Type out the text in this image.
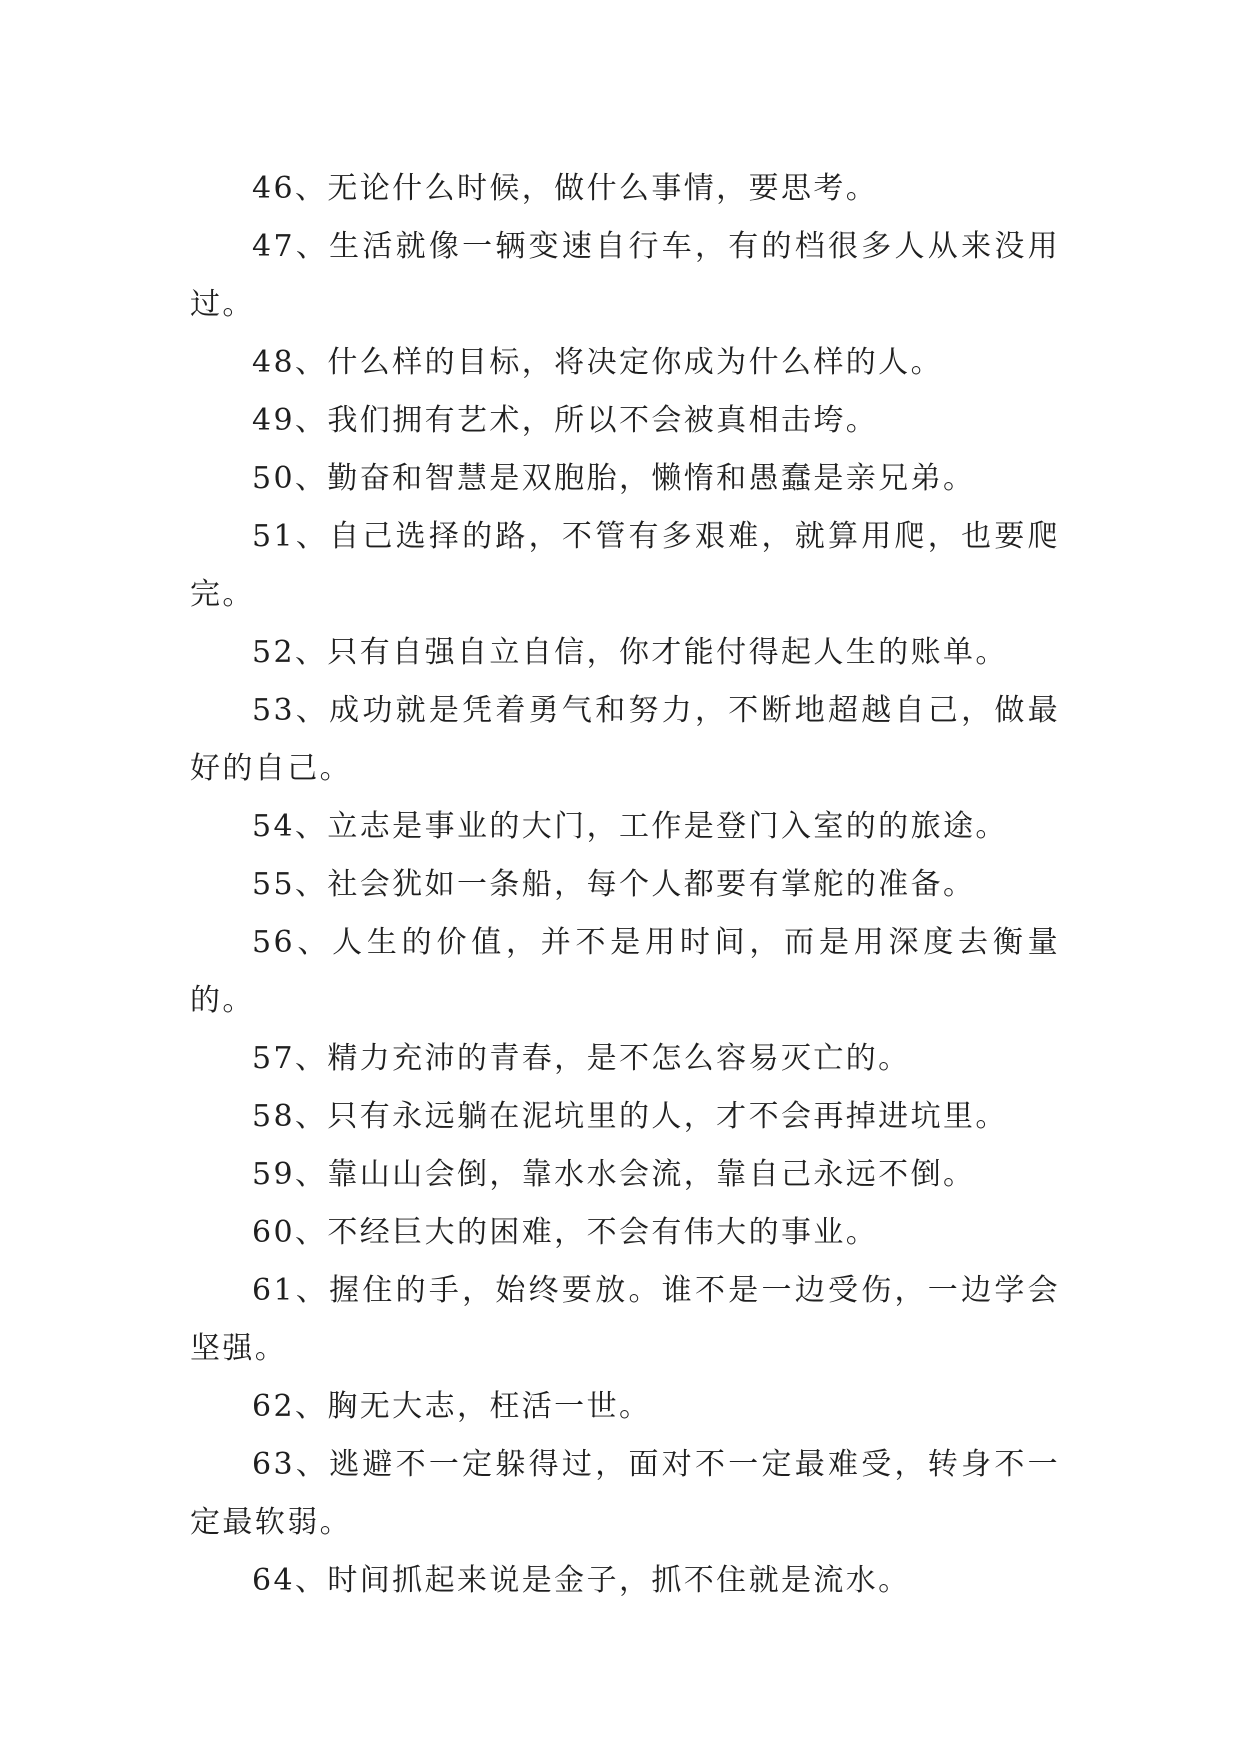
46、无论什么时候，做什么事情，要思考。

47、生活就像一辆变速自行车，有的档很多人从来没用过。

48、什么样的目标，将决定你成为什么样的人。

49、我们拥有艺术，所以不会被真相击垮。

50、勤奋和智慧是双胞胎，懒惰和愚蠢是亲兄弟。

51、自己选择的路，不管有多艰难，就算用爬，也要爬完。

52、只有自强自立自信，你才能付得起人生的账单。

53、成功就是凭着勇气和努力，不断地超越自己，做最好的自己。

54、立志是事业的大门，工作是登门入室的的旅途。

55、社会犹如一条船，每个人都要有掌舵的准备。

56、人生的价值，并不是用时间，而是用深度去衡量的。

57、精力充沛的青春，是不怎么容易灭亡的。

58、只有永远躺在泥坑里的人，才不会再掉进坑里。

59、靠山山会倒，靠水水会流，靠自己永远不倒。

60、不经巨大的困难，不会有伟大的事业。

61、握住的手，始终要放。谁不是一边受伤，一边学会坚强。

62、胸无大志，枉活一世。

63、逃避不一定躲得过，面对不一定最难受，转身不一定最软弱。

64、时间抓起来说是金子，抓不住就是流水。
